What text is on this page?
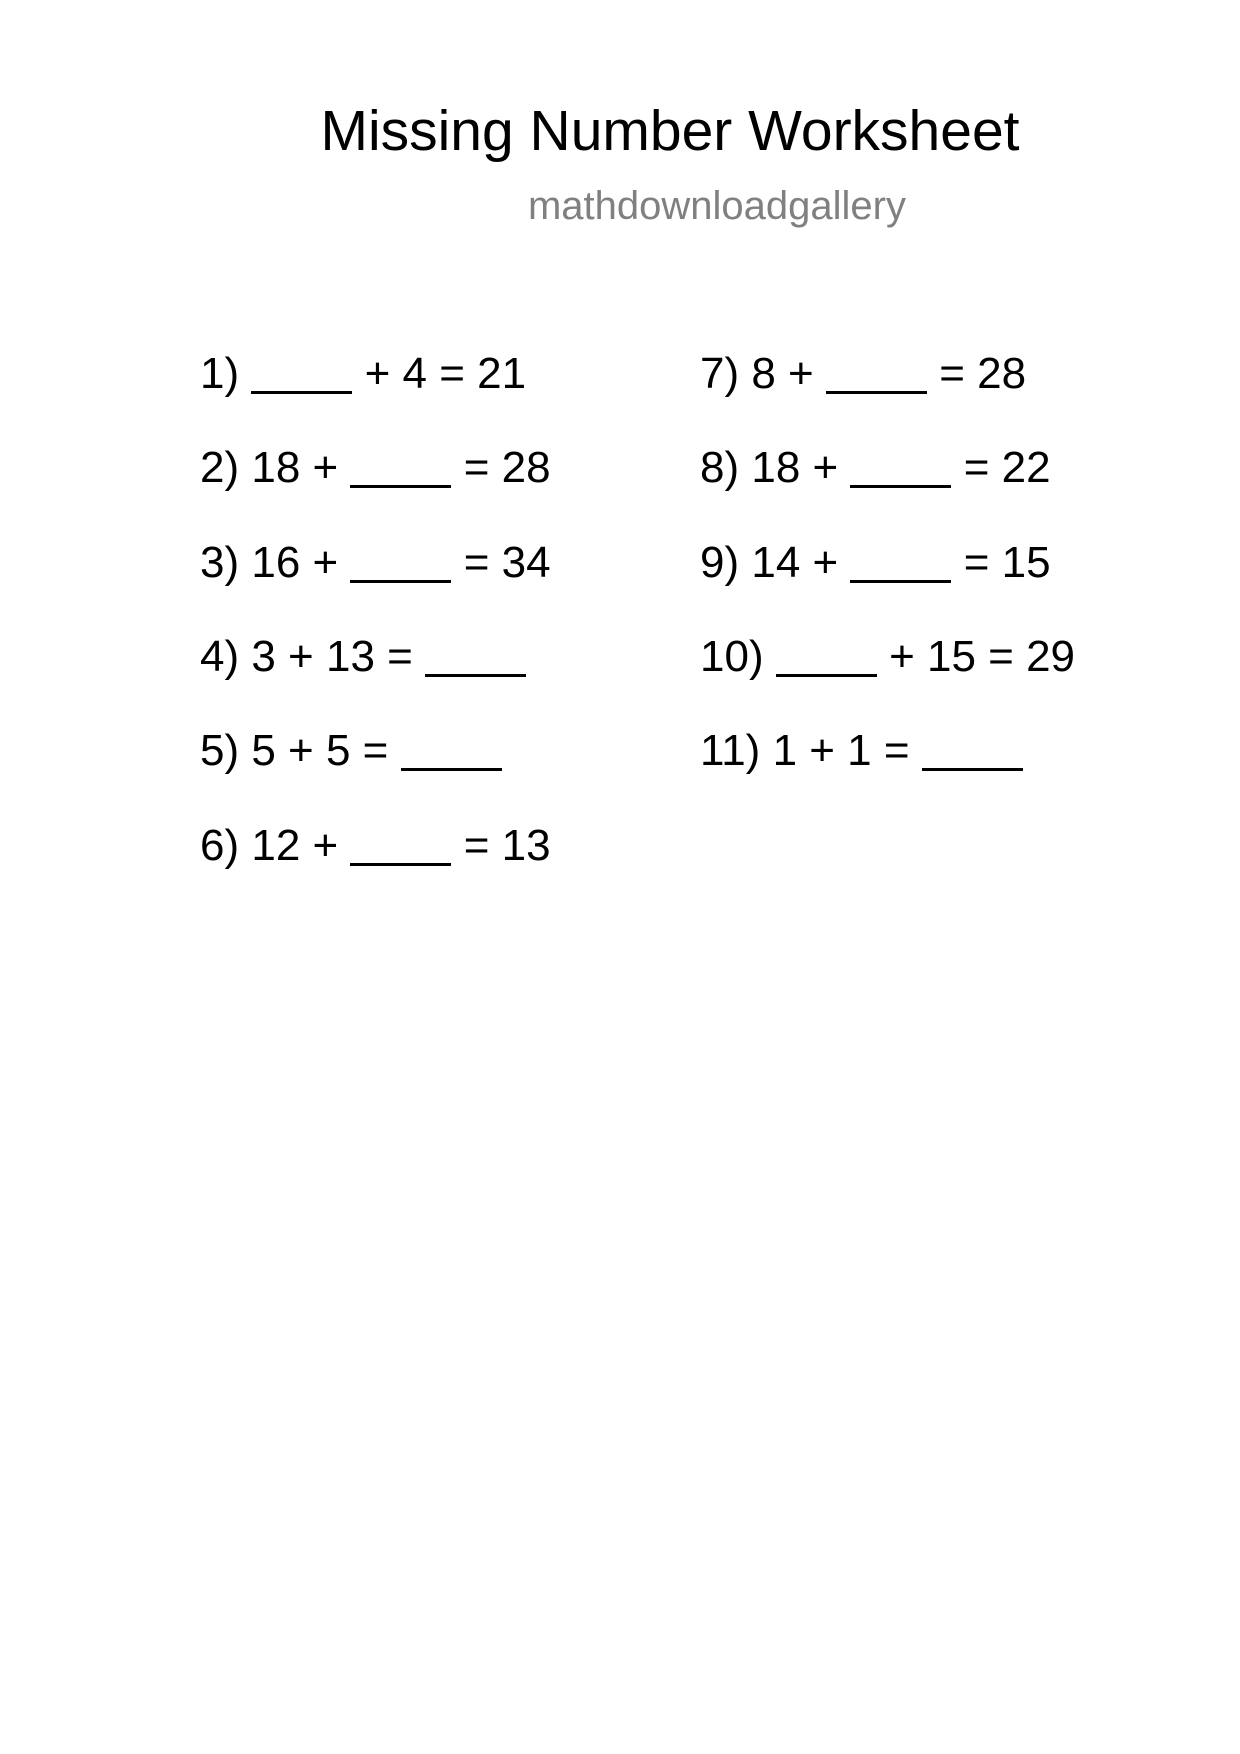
Missing Number Worksheet
mathdownloadgallery
1)	+ 4 = 21
2) 18 +	= 28
3) 16 +	= 34
4) 3 + 13 =
5) 5 + 5 =
6) 12 +	= 13
7) 8 +	= 28
8) 18 +	= 22
9) 14 +	= 15
10)	+ 15 = 29
11) 1 + 1 =
